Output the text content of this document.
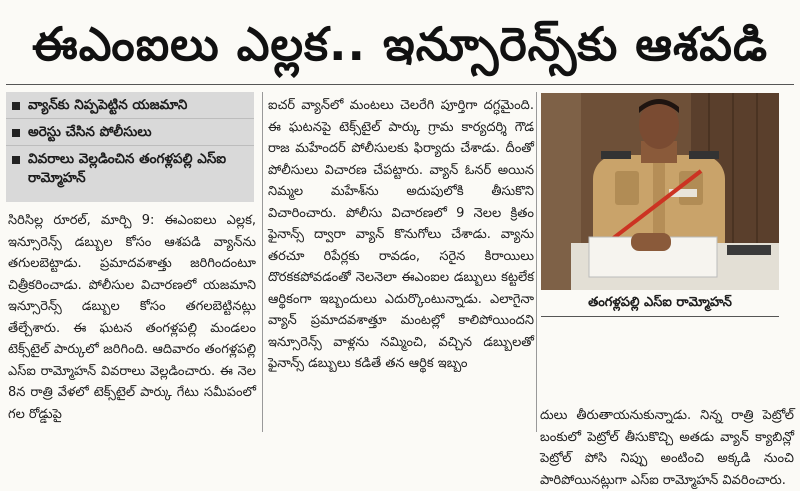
ఈఎంఐలు ఎల్లక.. ఇన్సూరెన్స్‌కు ఆశపడి
వ్యాన్‌కు నిప్పపెట్టిన యజమాని
అరెస్టు చేసిన పోలీసులు
వివరాలు వెల్లడించిన తంగళ్లపల్లి ఎస్ఐ రామ్మోహన్

సిరిసిల్ల రూరల్, మార్చి 9: ఈఎంఐలు ఎల్లక, ఇన్సూరెన్స్ డబ్బుల కోసం ఆశపడి వ్యాన్‌ను తగులబెట్టాడు. ప్రమాదవశాత్తు జరిగిందంటూ చిత్రీకరించాడు. పోలీసుల విచారణలో యజమాని ఇన్సూరెన్స్ డబ్బుల కోసం తగలబెట్టినట్లు తేల్చేశారు. ఈ ఘటన తంగళ్లపల్లి మండలం టెక్స్‌టైల్ పార్కులో జరిగింది. ఆదివారం తంగళ్లపల్లి ఎస్ఐ రామ్మోహన్ వివరాలు వెల్లడించారు. ఈ నెల 8న రాత్రి వేళలో టెక్స్‌టైల్ పార్కు గేటు సమీపంలో గల రోడ్డుపై

ఐచర్ వ్యాన్‌లో మంటలు చెలరేగి పూర్తిగా దగ్ధమైంది. ఈ ఘటనపై టెక్స్‌టైల్ పార్కు గ్రామ కార్యదర్శి గౌడ రాజ మహేందర్ పోలీసులకు ఫిర్యాదు చేశాడు. దీంతో పోలీసులు విచారణ చేపట్టారు. వ్యాన్ ఓనర్ అయిన నిమ్మల మహేశ్‌ను అదుపులోకి తీసుకొని విచారించారు. పోలీసు విచారణలో 9 నెలల క్రితం ఫైనాన్స్ ద్వారా వ్యాన్ కొనుగోలు చేశాడు. వ్యాను తరచూ రిపేర్లకు రావడం, సరైన కిరాయిలు దొరకకపోవడంతో నెలనెలా ఈఎంఐల డబ్బులు కట్టలేక ఆర్థికంగా ఇబ్బందులు ఎదుర్కొంటున్నాడు. ఎలాగైనా వ్యాన్ ప్రమాదవశాత్తూ మంటల్లో కాలిపోయిందని ఇన్సూరెన్స్ వాళ్లను నమ్మించి, వచ్చిన డబ్బులతో ఫైనాన్స్ డబ్బులు కడితే తన ఆర్థిక ఇబ్బం

తంగళ్లపల్లి ఎస్ఐ రామ్మోహన్

దులు తీరుతాయనుకున్నాడు. నిన్న రాత్రి పెట్రోల్ బంకులో పెట్రోల్ తీసుకొచ్చి అతడు వ్యాన్ క్యాబిన్లో పెట్రోల్ పోసి నిప్పు అంటించి అక్కడి నుంచి పారిపోయినట్లుగా ఎస్ఐ రామ్మోహన్ వివరించారు.
